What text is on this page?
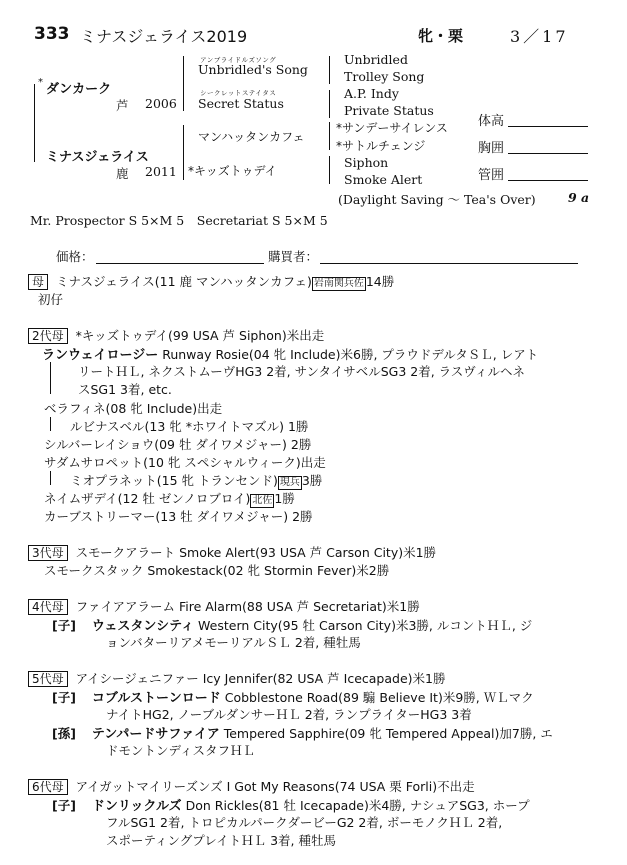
333 ミナスジェライス2019	牝・栗	3／17
* ダンカーク
芦 2006
アンブライドルズソング
Unbridled's Song
シークレットステイタス
Secret Status
Unbridled
Trolley Song
A.P. Indy
Private Status
ミナスジェライス
鹿 2011
マンハッタンカフェ
*キッズトゥデイ
*サンデーサイレンス
*サトルチェンジ
Siphon
Smoke Alert
(Daylight Saving ～ Tea's Over)	9 a
体高
胸囲
管囲
Mr. Prospector S 5×M 5　Secretariat S 5×M 5
価格：	購買者：
母 ミナスジェライス(11 鹿 マンハッタンカフェ) 岩南関兵佐 14勝
初仔
2代母 *キッズトゥデイ(99 USA 芦 Siphon)米出走
ランウェイロージー Runway Rosie(04 牝 Include)米6勝, プラウドデルタＳＬ, レアト
リートＨＬ, ネクストムーヴHG3 2着, サンタイサベルSG3 2着, ラスヴィルヘネ
スSG1 3着, etc.
ベラフィネ(08 牝 Include)出走
ルビナスベル(13 牝 *ホワイトマズル) 1勝
シルバーレイショウ(09 牡 ダイワメジャー) 2勝
サダムサロペット(10 牝 スペシャルウィーク)出走
ミオプラネット(15 牝 トランセンド) 現兵 3勝
ネイムザデイ(12 牡 ゼンノロブロイ) 北佐 1勝
カーブストリーマー(13 牡 ダイワメジャー) 2勝
3代母 スモークアラート Smoke Alert(93 USA 芦 Carson City)米1勝
スモークスタック Smokestack(02 牝 Stormin Fever)米2勝
4代母 ファイアアラーム Fire Alarm(88 USA 芦 Secretariat)米1勝
[子] ウェスタンシティ Western City(95 牡 Carson City)米3勝, ルコントＨＬ, ジ
ョンバターリアメモーリアルＳＬ 2着, 種牡馬
5代母 アイシージェニファー Icy Jennifer(82 USA 芦 Icecapade)米1勝
[子] コブルストーンロード Cobblestone Road(89 騸 Believe It)米9勝, ＷＬマク
ナイトHG2, ノーブルダンサーＨＬ 2着, ランプライターHG3 3着
[孫] テンパードサファイア Tempered Sapphire(09 牝 Tempered Appeal)加7勝, エ
ドモントンディスタフＨＬ
6代母 アイガットマイリーズンズ I Got My Reasons(74 USA 栗 Forli)不出走
[子] ドンリックルズ Don Rickles(81 牡 Icecapade)米4勝, ナシュアSG3, ホープ
フルSG1 2着, トロピカルパークダービーG2 2着, ボーモノクＨＬ 2着,
スポーティングプレイトＨＬ 3着, 種牡馬
